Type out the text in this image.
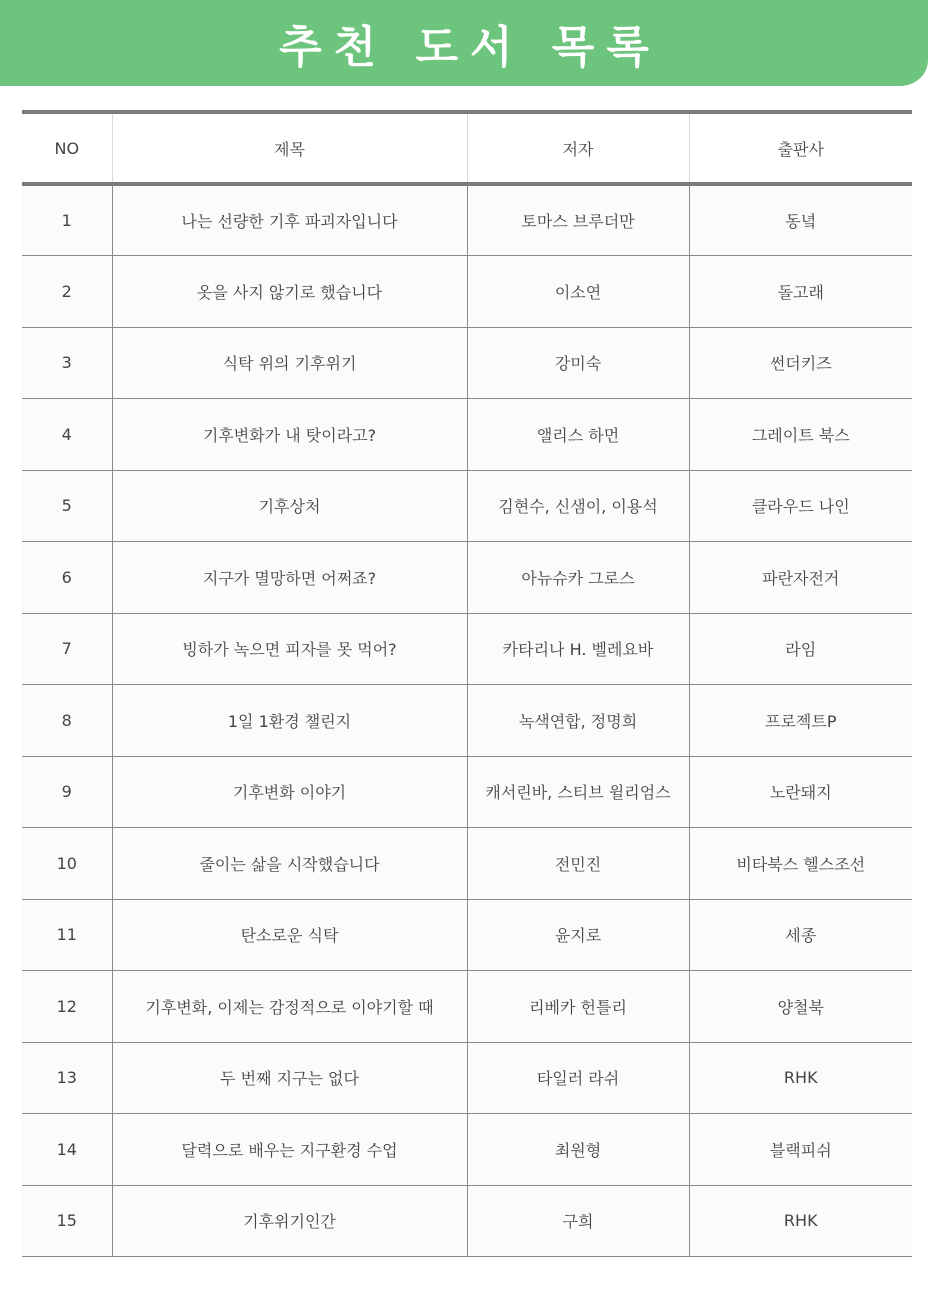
추천 도서 목록
NO	제목	저자	출판사
1	나는 선량한 기후 파괴자입니다	토마스 브루더만	동녘
2	옷을 사지 않기로 했습니다	이소연	돌고래
3	식탁 위의 기후위기	강미숙	썬더키즈
4	기후변화가 내 탓이라고?	앨리스 하먼	그레이트 북스
5	기후상처	김현수, 신샘이, 이용석	클라우드 나인
6	지구가 멸망하면 어쩌죠?	아뉴슈카 그로스	파란자전거
7	빙하가 녹으면 피자를 못 먹어?	카타리나 H. 벨레요바	라임
8	1일 1환경 챌린지	녹색연합, 정명희	프로젝트P
9	기후변화 이야기	캐서린바, 스티브 윌리엄스	노란돼지
10	줄이는 삶을 시작했습니다	전민진	비타북스 헬스조선
11	탄소로운 식탁	윤지로	세종
12	기후변화, 이제는 감정적으로 이야기할 때	리베카 헌틀리	양철북
13	두 번째 지구는 없다	타일러 라쉬	RHK
14	달력으로 배우는 지구환경 수업	최원형	블랙피쉬
15	기후위기인간	구희	RHK
